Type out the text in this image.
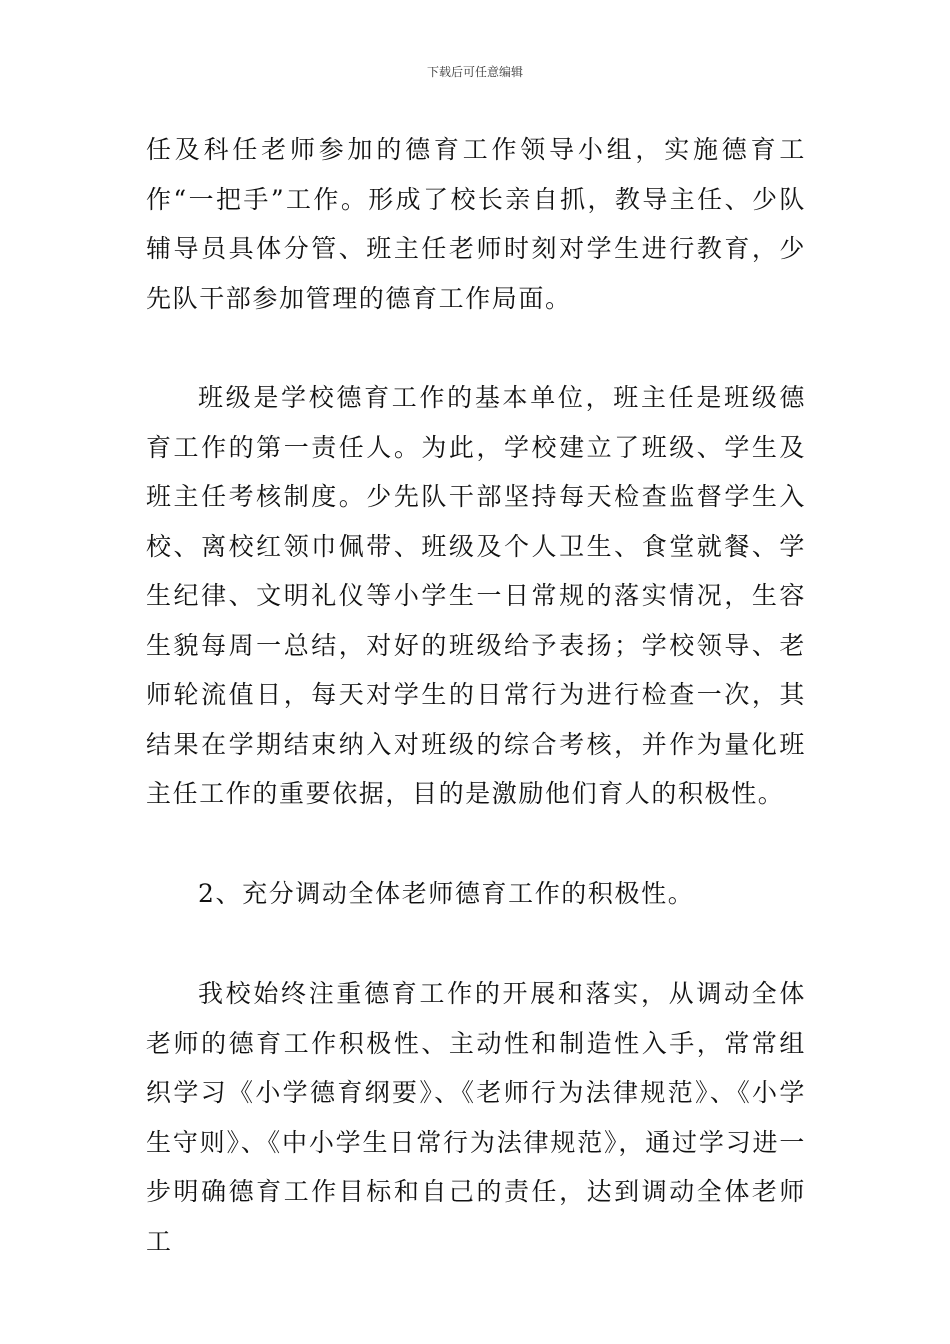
下载后可任意编辑
任及科任老师参加的德育工作领导小组，实施德育工作“一把手”工作。形成了校长亲自抓，教导主任、少队辅导员具体分管、班主任老师时刻对学生进行教育，少先队干部参加管理的德育工作局面。
班级是学校德育工作的基本单位，班主任是班级德育工作的第一责任人。为此，学校建立了班级、学生及班主任考核制度。少先队干部坚持每天检查监督学生入校、离校红领巾佩带、班级及个人卫生、食堂就餐、学生纪律、文明礼仪等小学生一日常规的落实情况，生容生貌每周一总结，对好的班级给予表扬；学校领导、老师轮流值日，每天对学生的日常行为进行检查一次，其结果在学期结束纳入对班级的综合考核，并作为量化班主任工作的重要依据，目的是激励他们育人的积极性。
2、充分调动全体老师德育工作的积极性。
我校始终注重德育工作的开展和落实，从调动全体老师的德育工作积极性、主动性和制造性入手，常常组织学习《小学德育纲要》、《老师行为法律规范》、《小学生守则》、《中小学生日常行为法律规范》，通过学习进一步明确德育工作目标和自己的责任，达到调动全体老师工
